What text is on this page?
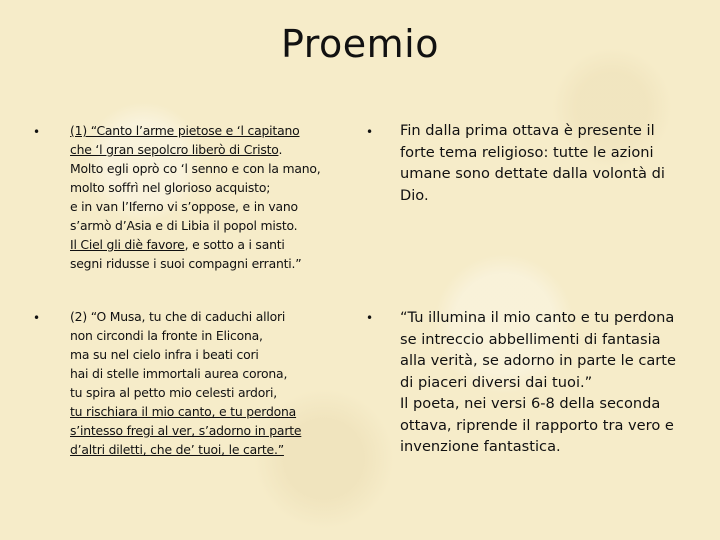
Proemio
• (1) “Canto l’arme pietose e ‘l capitano
che ‘l gran sepolcro liberò di Cristo.
Molto egli oprò co ‘l senno e con la mano,
molto soffrì nel glorioso acquisto;
e in van l’Iferno vi s’oppose, e in vano
s’armò d’Asia e di Libia il popol misto.
Il Ciel gli diè favore, e sotto a i santi
segni ridusse i suoi compagni erranti.”

• Fin dalla prima ottava è presente il
forte tema religioso: tutte le azioni
umane sono dettate dalla volontà di
Dio.

• (2) “O Musa, tu che di caduchi allori
non circondi la fronte in Elicona,
ma su nel cielo infra i beati cori
hai di stelle immortali aurea corona,
tu spira al petto mio celesti ardori,
tu rischiara il mio canto, e tu perdona
s’intesso fregi al ver, s’adorno in parte
d’altri diletti, che de’ tuoi, le carte.”

• “Tu illumina il mio canto e tu perdona
se intreccio abbellimenti di fantasia
alla verità, se adorno in parte le carte
di piaceri diversi dai tuoi.”
Il poeta, nei versi 6-8 della seconda
ottava, riprende il rapporto tra vero e
invenzione fantastica.
